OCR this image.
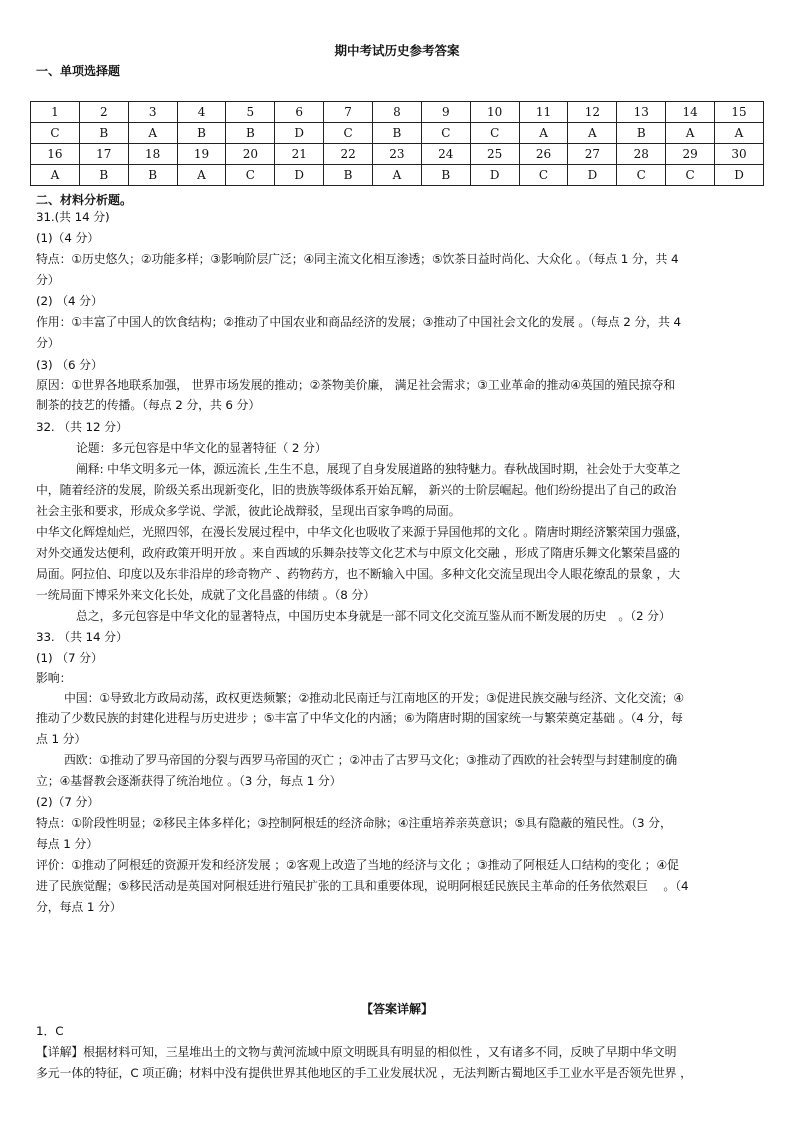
期中考试历史参考答案
一、单项选择题
1	2	3	4	5	6	7	8	9	10	11	12	13	14	15
C	B	A	B	B	D	C	B	C	C	A	A	B	A	A
16	17	18	19	20	21	22	23	24	25	26	27	28	29	30
A	B	B	A	C	D	B	A	B	D	C	D	C	C	D
二、材料分析题。
31.(共 14 分)
(1)（4 分）
特点：①历史悠久；②功能多样；③影响阶层广泛；④同主流文化相互渗透；⑤饮茶日益时尚化、大众化 。（每点 1 分，共 4
分）
(2) （4 分）
作用：①丰富了中国人的饮食结构；②推动了中国农业和商品经济的发展；③推动了中国社会文化的发展 。（每点 2 分，共 4
分）
(3) （6 分）
原因：①世界各地联系加强， 世界市场发展的推动；②茶物美价廉， 满足社会需求；③工业革命的推动④英国的殖民掠夺和
制茶的技艺的传播。（每点 2 分，共 6 分）
32. （共 12 分）
论题：多元包容是中华文化的显著特征（ 2 分）
阐释: 中华文明多元一体，源远流长 ,生生不息，展现了自身发展道路的独特魅力。春秋战国时期，社会处于大变革之
中，随着经济的发展，阶级关系出现新变化，旧的贵族等级体系开始瓦解， 新兴的士阶层崛起。他们纷纷提出了自己的政治
社会主张和要求，形成众多学说、学派，彼此论战辩驳，呈现出百家争鸣的局面。
中华文化辉煌灿烂，光照四邻，在漫长发展过程中，中华文化也吸收了来源于异国他邦的文化 。隋唐时期经济繁荣国力强盛，
对外交通发达便利，政府政策开明开放 。来自西域的乐舞杂技等文化艺术与中原文化交融 ，形成了隋唐乐舞文化繁荣昌盛的
局面。阿拉伯、印度以及东非沿岸的珍奇物产 、药物药方，也不断输入中国。多种文化交流呈现出令人眼花缭乱的景象 ，大
一统局面下博采外来文化长处，成就了文化昌盛的伟绩 。（8 分）
总之，多元包容是中华文化的显著特点，中国历史本身就是一部不同文化交流互鉴从而不断发展的历史　。（2 分）
33. （共 14 分）
(1) （7 分）
影响：
中国：①导致北方政局动荡，政权更迭频繁；②推动北民南迁与江南地区的开发；③促进民族交融与经济、文化交流；④
推动了少数民族的封建化进程与历史进步 ；⑤丰富了中华文化的内涵；⑥为隋唐时期的国家统一与繁荣奠定基础 。（4 分，每
点 1 分）
西欧：①推动了罗马帝国的分裂与西罗马帝国的灭亡 ；②冲击了古罗马文化；③推动了西欧的社会转型与封建制度的确
立；④基督教会逐渐获得了统治地位 。（3 分，每点 1 分）
(2)（7 分）
特点：①阶段性明显；②移民主体多样化；③控制阿根廷的经济命脉；④注重培养亲英意识；⑤具有隐蔽的殖民性。（3 分，
每点 1 分）
评价：①推动了阿根廷的资源开发和经济发展 ；②客观上改造了当地的经济与文化 ；③推动了阿根廷人口结构的变化 ；④促
进了民族觉醒；⑤移民活动是英国对阿根廷进行殖民扩张的工具和重要体现，说明阿根廷民族民主革命的任务依然艰巨　 。（4
分，每点 1 分）
【答案详解】
1．C
【详解】根据材料可知，三星堆出土的文物与黄河流域中原文明既具有明显的相似性 ，又有诸多不同，反映了早期中华文明
多元一体的特征，C 项正确；材料中没有提供世界其他地区的手工业发展状况 ，无法判断古蜀地区手工业水平是否领先世界 ，
